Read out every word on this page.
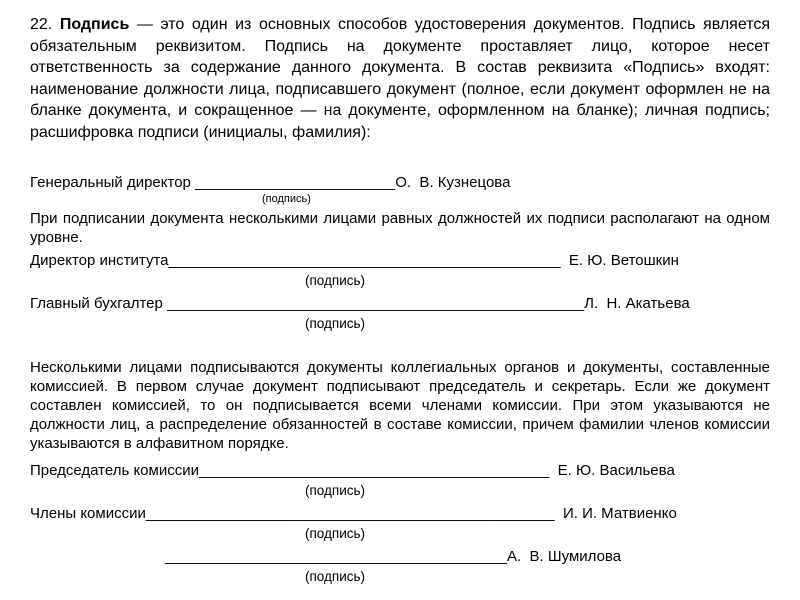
22. Подпись — это один из основных способов удостоверения документов. Подпись является обязательным реквизитом. Подпись на документе проставляет лицо, которое несет ответственность за содержание данного документа. В состав реквизита «Подпись» входят: наименование должности лица, подписавшего документ (полное, если документ оформлен не на бланке документа, и сокращенное — на документе, оформленном на бланке); личная подпись; расшифровка подписи (инициалы, фамилия):

Генеральный директор ________________________О.  В. Кузнецова
(подпись)

При подписании документа несколькими лицами равных должностей их подписи располагают на одном уровне.

Директор института_______________________________________________  Е. Ю. Ветошкин
(подпись)
Главный бухгалтер __________________________________________________Л.  Н. Акатьева
(подпись)

Несколькими лицами подписываются документы коллегиальных органов и документы, составленные комиссией. В первом случае документ подписывают председатель и секретарь. Если же документ составлен комиссией, то он подписывается всеми членами комиссии. При этом указываются не должности лиц, а распределение обязанностей в составе комиссии, причем фамилии членов комиссии указываются в алфавитном порядке.

Председатель комиссии__________________________________________  Е. Ю. Васильева
(подпись)
Члены комиссии_________________________________________________  И. И. Матвиенко
(подпись)
_________________________________________А.  В. Шумилова
(подпись)
